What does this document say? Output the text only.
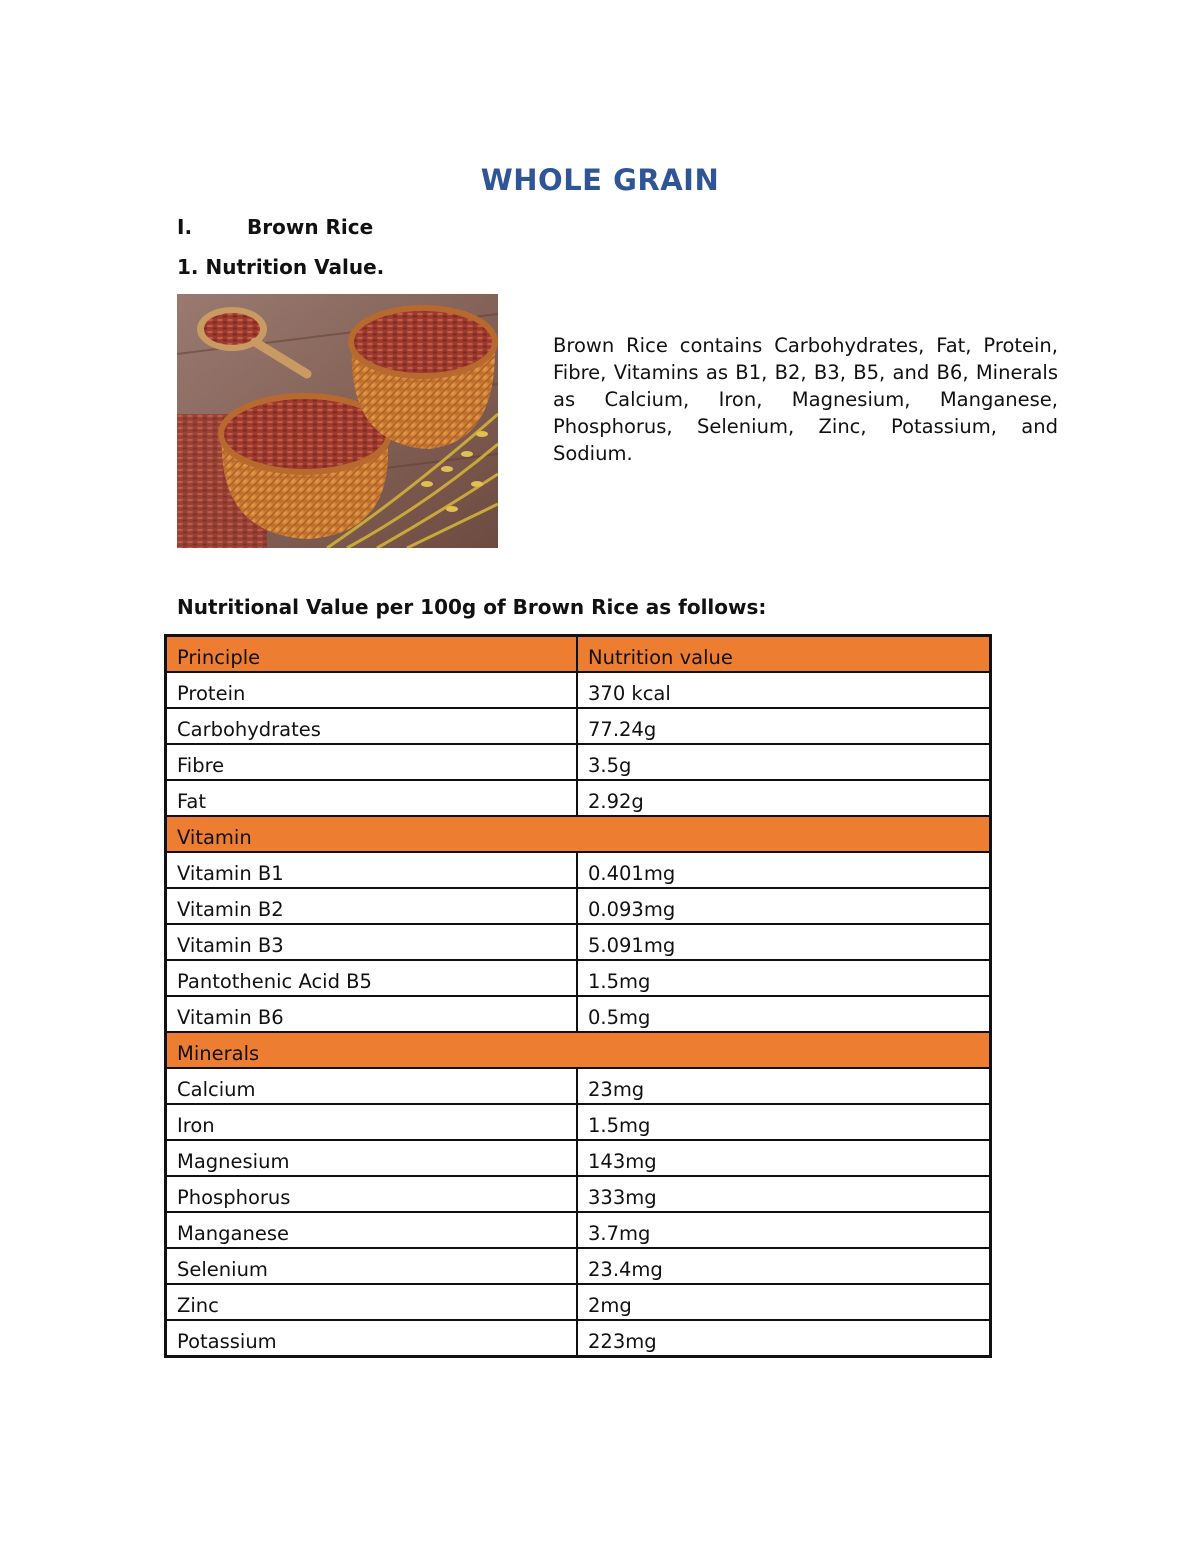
WHOLE GRAIN
I.	Brown Rice
1. Nutrition Value.
Brown Rice contains Carbohydrates, Fat, Protein, Fibre, Vitamins as B1, B2, B3, B5, and B6, Minerals as Calcium, Iron, Magnesium, Manganese, Phosphorus, Selenium, Zinc, Potassium, and Sodium.
Nutritional Value per 100g of Brown Rice as follows:
Principle	Nutrition value
Protein	370 kcal
Carbohydrates	77.24g
Fibre	3.5g
Fat	2.92g
Vitamin	
Vitamin B1	0.401mg
Vitamin B2	0.093mg
Vitamin B3	5.091mg
Pantothenic Acid B5	1.5mg
Vitamin B6	0.5mg
Minerals	
Calcium	23mg
Iron	1.5mg
Magnesium	143mg
Phosphorus	333mg
Manganese	3.7mg
Selenium	23.4mg
Zinc	2mg
Potassium	223mg
